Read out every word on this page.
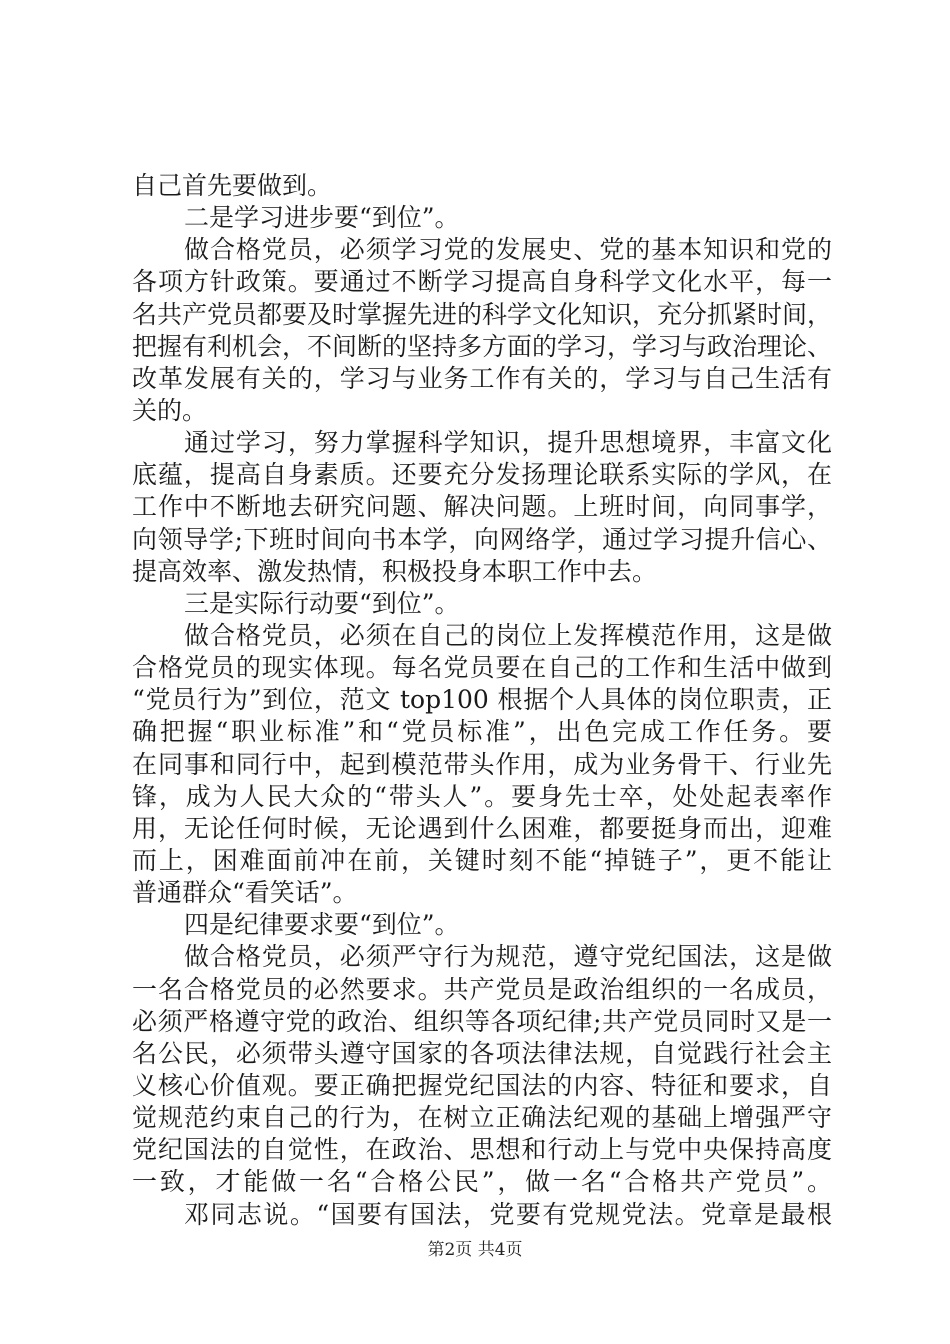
自己首先要做到。
二是学习进步要“到位”。
做合格党员，必须学习党的发展史、党的基本知识和党的
各项方针政策。要通过不断学习提高自身科学文化水平，每一
名共产党员都要及时掌握先进的科学文化知识，充分抓紧时间，
把握有利机会，不间断的坚持多方面的学习，学习与政治理论、
改革发展有关的，学习与业务工作有关的，学习与自己生活有
关的。
通过学习，努力掌握科学知识，提升思想境界，丰富文化
底蕴，提高自身素质。还要充分发扬理论联系实际的学风，在
工作中不断地去研究问题、解决问题。上班时间，向同事学，
向领导学;下班时间向书本学，向网络学，通过学习提升信心、
提高效率、激发热情，积极投身本职工作中去。
三是实际行动要“到位”。
做合格党员，必须在自己的岗位上发挥模范作用，这是做
合格党员的现实体现。每名党员要在自己的工作和生活中做到
“党员行为”到位，范文 top100 根据个人具体的岗位职责，正
确把握“职业标准”和“党员标准”，出色完成工作任务。要
在同事和同行中，起到模范带头作用，成为业务骨干、行业先
锋，成为人民大众的“带头人”。要身先士卒，处处起表率作
用，无论任何时候，无论遇到什么困难，都要挺身而出，迎难
而上，困难面前冲在前，关键时刻不能“掉链子”，更不能让
普通群众“看笑话”。
四是纪律要求要“到位”。
做合格党员，必须严守行为规范，遵守党纪国法，这是做
一名合格党员的必然要求。共产党员是政治组织的一名成员，
必须严格遵守党的政治、组织等各项纪律;共产党员同时又是一
名公民，必须带头遵守国家的各项法律法规，自觉践行社会主
义核心价值观。要正确把握党纪国法的内容、特征和要求，自
觉规范约束自己的行为，在树立正确法纪观的基础上增强严守
党纪国法的自觉性，在政治、思想和行动上与党中央保持高度
一致，才能做一名“合格公民”，做一名“合格共产党员”。
邓同志说。“国要有国法，党要有党规党法。党章是最根
第2页 共4页
